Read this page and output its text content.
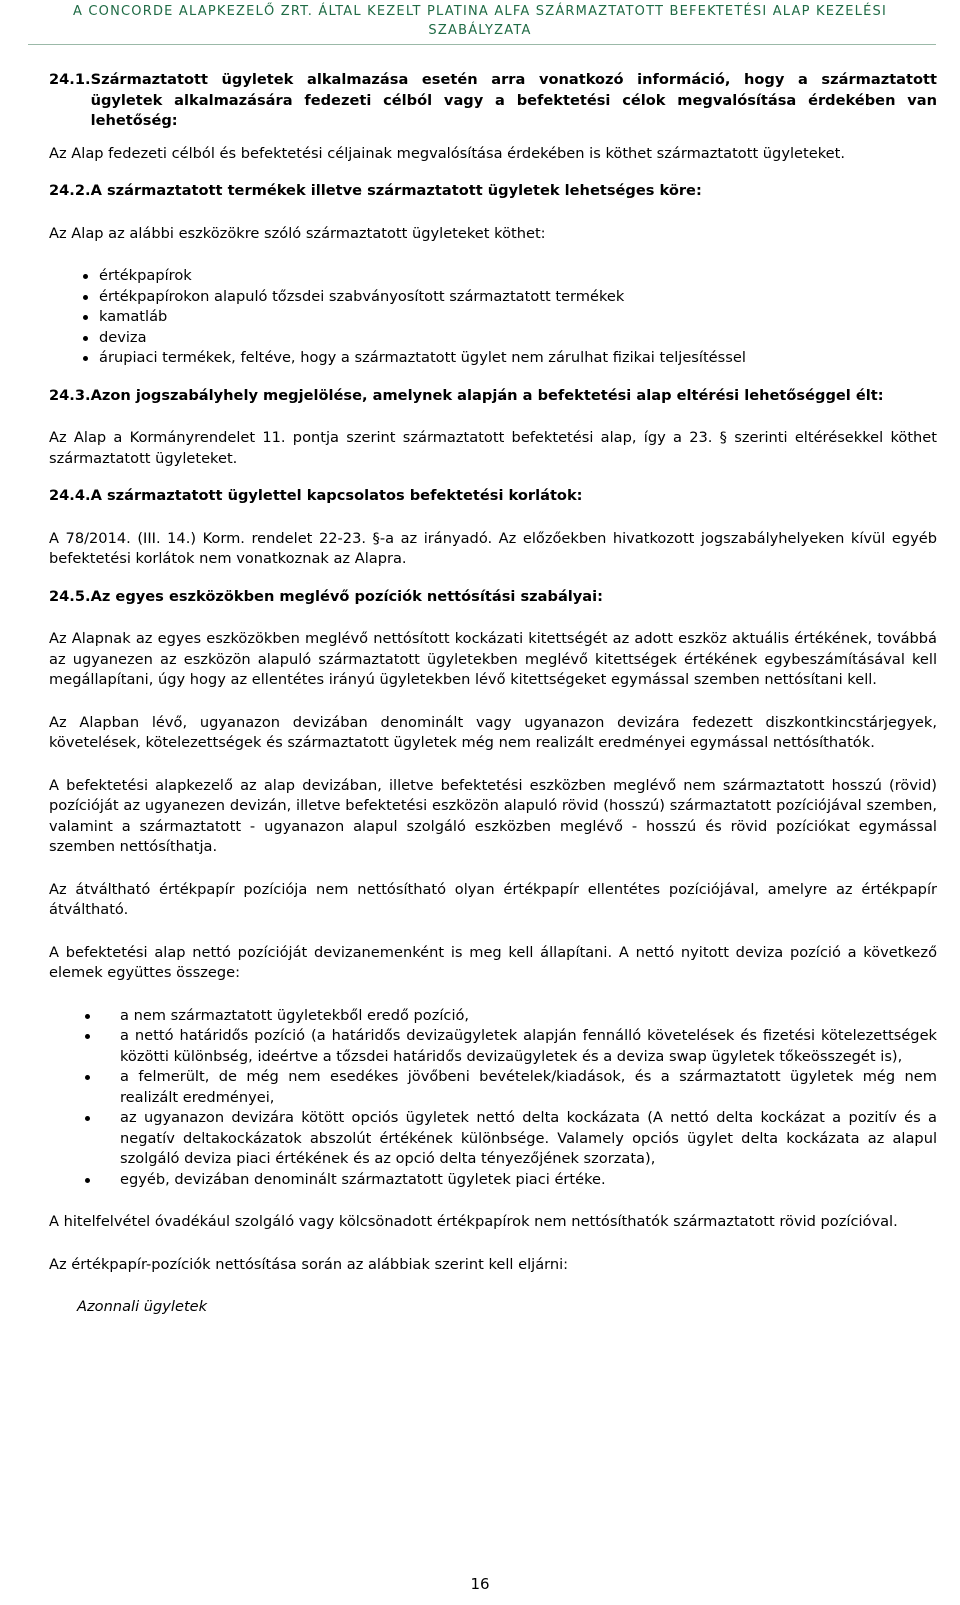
A CONCORDE ALAPKEZELŐ ZRT. ÁLTAL KEZELT PLATINA ALFA SZÁRMAZTATOTT BEFEKTETÉSI ALAP KEZELÉSI
SZABÁLYZATA
24.1. Származtatott ügyletek alkalmazása esetén arra vonatkozó információ, hogy a származtatott ügyletek alkalmazására fedezeti célból vagy a befektetési célok megvalósítása érdekében van lehetőség:

Az Alap fedezeti célból és befektetési céljainak megvalósítása érdekében is köthet származtatott ügyleteket.

24.2. A származtatott termékek illetve származtatott ügyletek lehetséges köre:

Az Alap az alábbi eszközökre szóló származtatott ügyleteket köthet:

értékpapírok
értékpapírokon alapuló tőzsdei szabványosított származtatott termékek
kamatláb
deviza
árupiaci termékek, feltéve, hogy a származtatott ügylet nem zárulhat fizikai teljesítéssel
24.3. Azon jogszabályhely megjelölése, amelynek alapján a befektetési alap eltérési lehetőséggel élt:

Az Alap a Kormányrendelet 11. pontja szerint származtatott befektetési alap, így a 23. § szerinti eltérésekkel köthet származtatott ügyleteket.

24.4. A származtatott ügylettel kapcsolatos befektetési korlátok:

A 78/2014. (III. 14.) Korm. rendelet 22-23. §-a az irányadó. Az előzőekben hivatkozott jogszabályhelyeken kívül egyéb befektetési korlátok nem vonatkoznak az Alapra.

24.5. Az egyes eszközökben meglévő pozíciók nettósítási szabályai:

Az Alapnak az egyes eszközökben meglévő nettósított kockázati kitettségét az adott eszköz aktuális értékének, továbbá az ugyanezen az eszközön alapuló származtatott ügyletekben meglévő kitettségek értékének egybeszámításával kell megállapítani, úgy hogy az ellentétes irányú ügyletekben lévő kitettségeket egymással szemben nettósítani kell.

Az Alapban lévő, ugyanazon devizában denominált vagy ugyanazon devizára fedezett diszkontkincstárjegyek, követelések, kötelezettségek és származtatott ügyletek még nem realizált eredményei egymással nettósíthatók.

A befektetési alapkezelő az alap devizában, illetve befektetési eszközben meglévő nem származtatott hosszú (rövid) pozícióját az ugyanezen devizán, illetve befektetési eszközön alapuló rövid (hosszú) származtatott pozíciójával szemben, valamint a származtatott - ugyanazon alapul szolgáló eszközben meglévő - hosszú és rövid pozíciókat egymással szemben nettósíthatja.

Az átváltható értékpapír pozíciója nem nettósítható olyan értékpapír ellentétes pozíciójával, amelyre az értékpapír átváltható.

A befektetési alap nettó pozícióját devizanemenként is meg kell állapítani. A nettó nyitott deviza pozíció a következő elemek együttes összege:

a nem származtatott ügyletekből eredő pozíció,
a nettó határidős pozíció (a határidős devizaügyletek alapján fennálló követelések és fizetési kötelezettségek közötti különbség, ideértve a tőzsdei határidős devizaügyletek és a deviza swap ügyletek tőkeösszegét is),
a felmerült, de még nem esedékes jövőbeni bevételek/kiadások, és a származtatott ügyletek még nem realizált eredményei,
az ugyanazon devizára kötött opciós ügyletek nettó delta kockázata (A nettó delta kockázat a pozitív és a negatív deltakockázatok abszolút értékének különbsége. Valamely opciós ügylet delta kockázata az alapul szolgáló deviza piaci értékének és az opció delta tényezőjének szorzata),
egyéb, devizában denominált származtatott ügyletek piaci értéke.

A hitelfelvétel óvadékául szolgáló vagy kölcsönadott értékpapírok nem nettósíthatók származtatott rövid pozícióval.

Az értékpapír-pozíciók nettósítása során az alábbiak szerint kell eljárni:

Azonnali ügyletek

16
